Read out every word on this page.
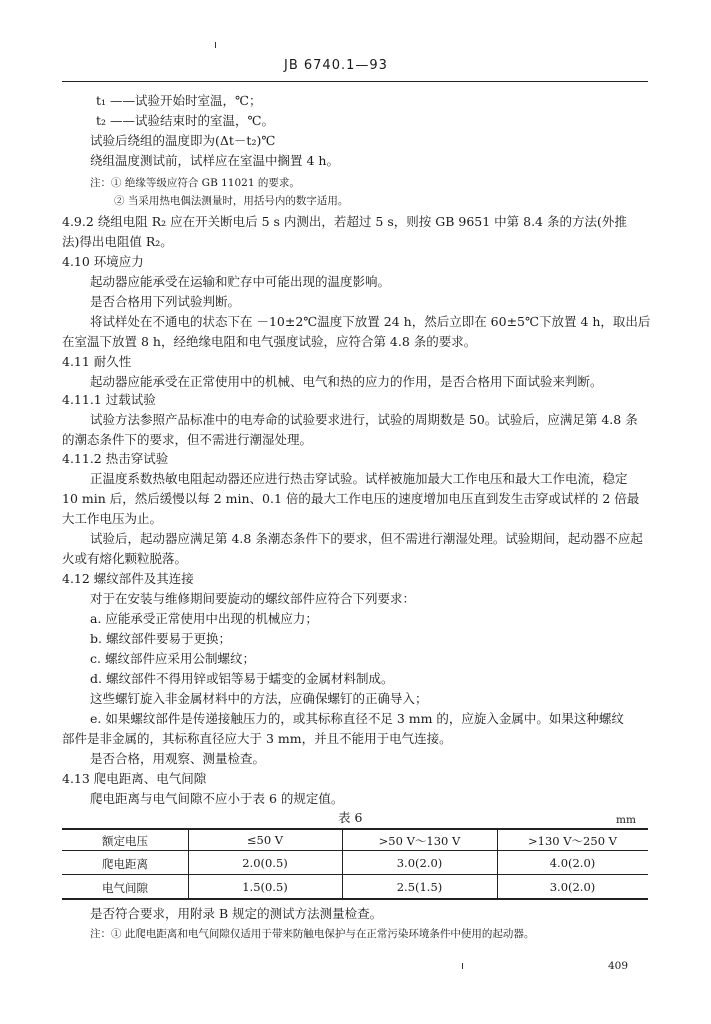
JB 6740.1—93
t₁ ——试验开始时室温，℃；
t₂ ——试验结束时的室温，℃。
试验后绕组的温度即为(Δt－t₂)℃
绕组温度测试前，试样应在室温中搁置 4 h。
注：① 绝缘等级应符合 GB 11021 的要求。
② 当采用热电偶法测量时，用括号内的数字适用。
4.9.2 绕组电阻 R₂ 应在开关断电后 5 s 内测出，若超过 5 s，则按 GB 9651 中第 8.4 条的方法(外推
法)得出电阻值 R₂。
4.10 环境应力
起动器应能承受在运输和贮存中可能出现的温度影响。
是否合格用下列试验判断。
将试样处在不通电的状态下在 －10±2℃温度下放置 24 h，然后立即在 60±5℃下放置 4 h，取出后
在室温下放置 8 h，经绝缘电阻和电气强度试验，应符合第 4.8 条的要求。
4.11 耐久性
起动器应能承受在正常使用中的机械、电气和热的应力的作用，是否合格用下面试验来判断。
4.11.1 过载试验
试验方法参照产品标准中的电寿命的试验要求进行，试验的周期数是 50。试验后，应满足第 4.8 条
的潮态条件下的要求，但不需进行潮湿处理。
4.11.2 热击穿试验
正温度系数热敏电阻起动器还应进行热击穿试验。试样被施加最大工作电压和最大工作电流，稳定
10 min 后，然后缓慢以每 2 min、0.1 倍的最大工作电压的速度增加电压直到发生击穿或试样的 2 倍最
大工作电压为止。
试验后，起动器应满足第 4.8 条潮态条件下的要求，但不需进行潮湿处理。试验期间，起动器不应起
火或有熔化颗粒脱落。
4.12 螺纹部件及其连接
对于在安装与维修期间要旋动的螺纹部件应符合下列要求：
a. 应能承受正常使用中出现的机械应力；
b. 螺纹部件要易于更换；
c. 螺纹部件应采用公制螺纹；
d. 螺纹部件不得用锌或铝等易于蠕变的金属材料制成。
这些螺钉旋入非金属材料中的方法，应确保螺钉的正确导入；
e. 如果螺纹部件是传递接触压力的，或其标称直径不足 3 mm 的，应旋入金属中。如果这种螺纹
部件是非金属的，其标称直径应大于 3 mm，并且不能用于电气连接。
是否合格，用观察、测量检查。
4.13 爬电距离、电气间隙
爬电距离与电气间隙不应小于表 6 的规定值。
表 6	mm
额定电压	≤50 V	>50 V～130 V	>130 V～250 V
爬电距离	2.0(0.5)	3.0(2.0)	4.0(2.0)
电气间隙	1.5(0.5)	2.5(1.5)	3.0(2.0)
是否符合要求，用附录 B 规定的测试方法测量检查。
注：① 此爬电距离和电气间隙仅适用于带来防触电保护与在正常污染环境条件中使用的起动器。
409
